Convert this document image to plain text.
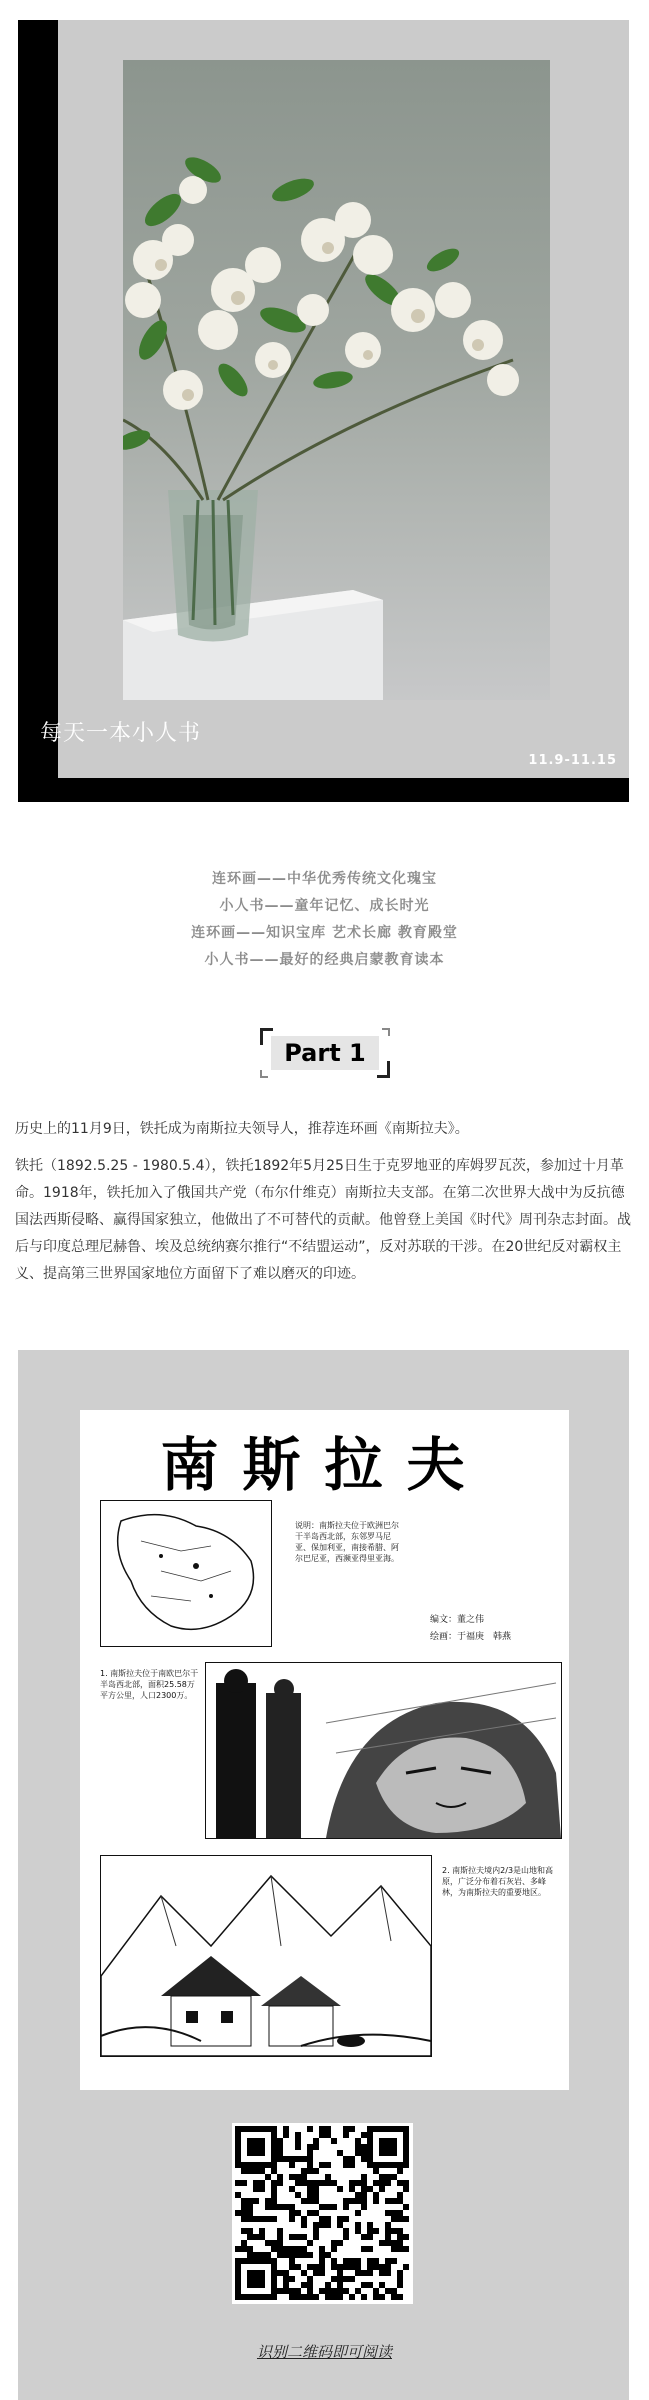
每天一本小人书
11.9-11.15
连环画——中华优秀传统文化瑰宝
小人书——童年记忆、成长时光
连环画——知识宝库 艺术长廊 教育殿堂
小人书——最好的经典启蒙教育读本
Part 1

历史上的11月9日，铁托成为南斯拉夫领导人，推荐连环画《南斯拉夫》。

铁托（1892.5.25 - 1980.5.4），铁托1892年5月25日生于克罗地亚的库姆罗瓦茨，参加过十月革命。1918年，铁托加入了俄国共产党（布尔什维克）南斯拉夫支部。在第二次世界大战中为反抗德国法西斯侵略、赢得国家独立，他做出了不可替代的贡献。他曾登上美国《时代》周刊杂志封面。战后与印度总理尼赫鲁、埃及总统纳赛尔推行“不结盟运动”，反对苏联的干涉。在20世纪反对霸权主义、提高第三世界国家地位方面留下了难以磨灭的印迹。

南斯拉夫
说明：南斯拉夫位于欧洲巴尔干半岛西北部，东邻罗马尼亚、保加利亚，南接希腊、阿尔巴尼亚，西濒亚得里亚海。
编文：董之伟
绘画：于福庚　韩燕
1. 南斯拉夫位于南欧巴尔干半岛西北部，面积25.58万平方公里，人口2300万。
2. 南斯拉夫境内2/3是山地和高原，广泛分布着石灰岩、多峰林，为南斯拉夫的重要地区。
识别二维码即可阅读
